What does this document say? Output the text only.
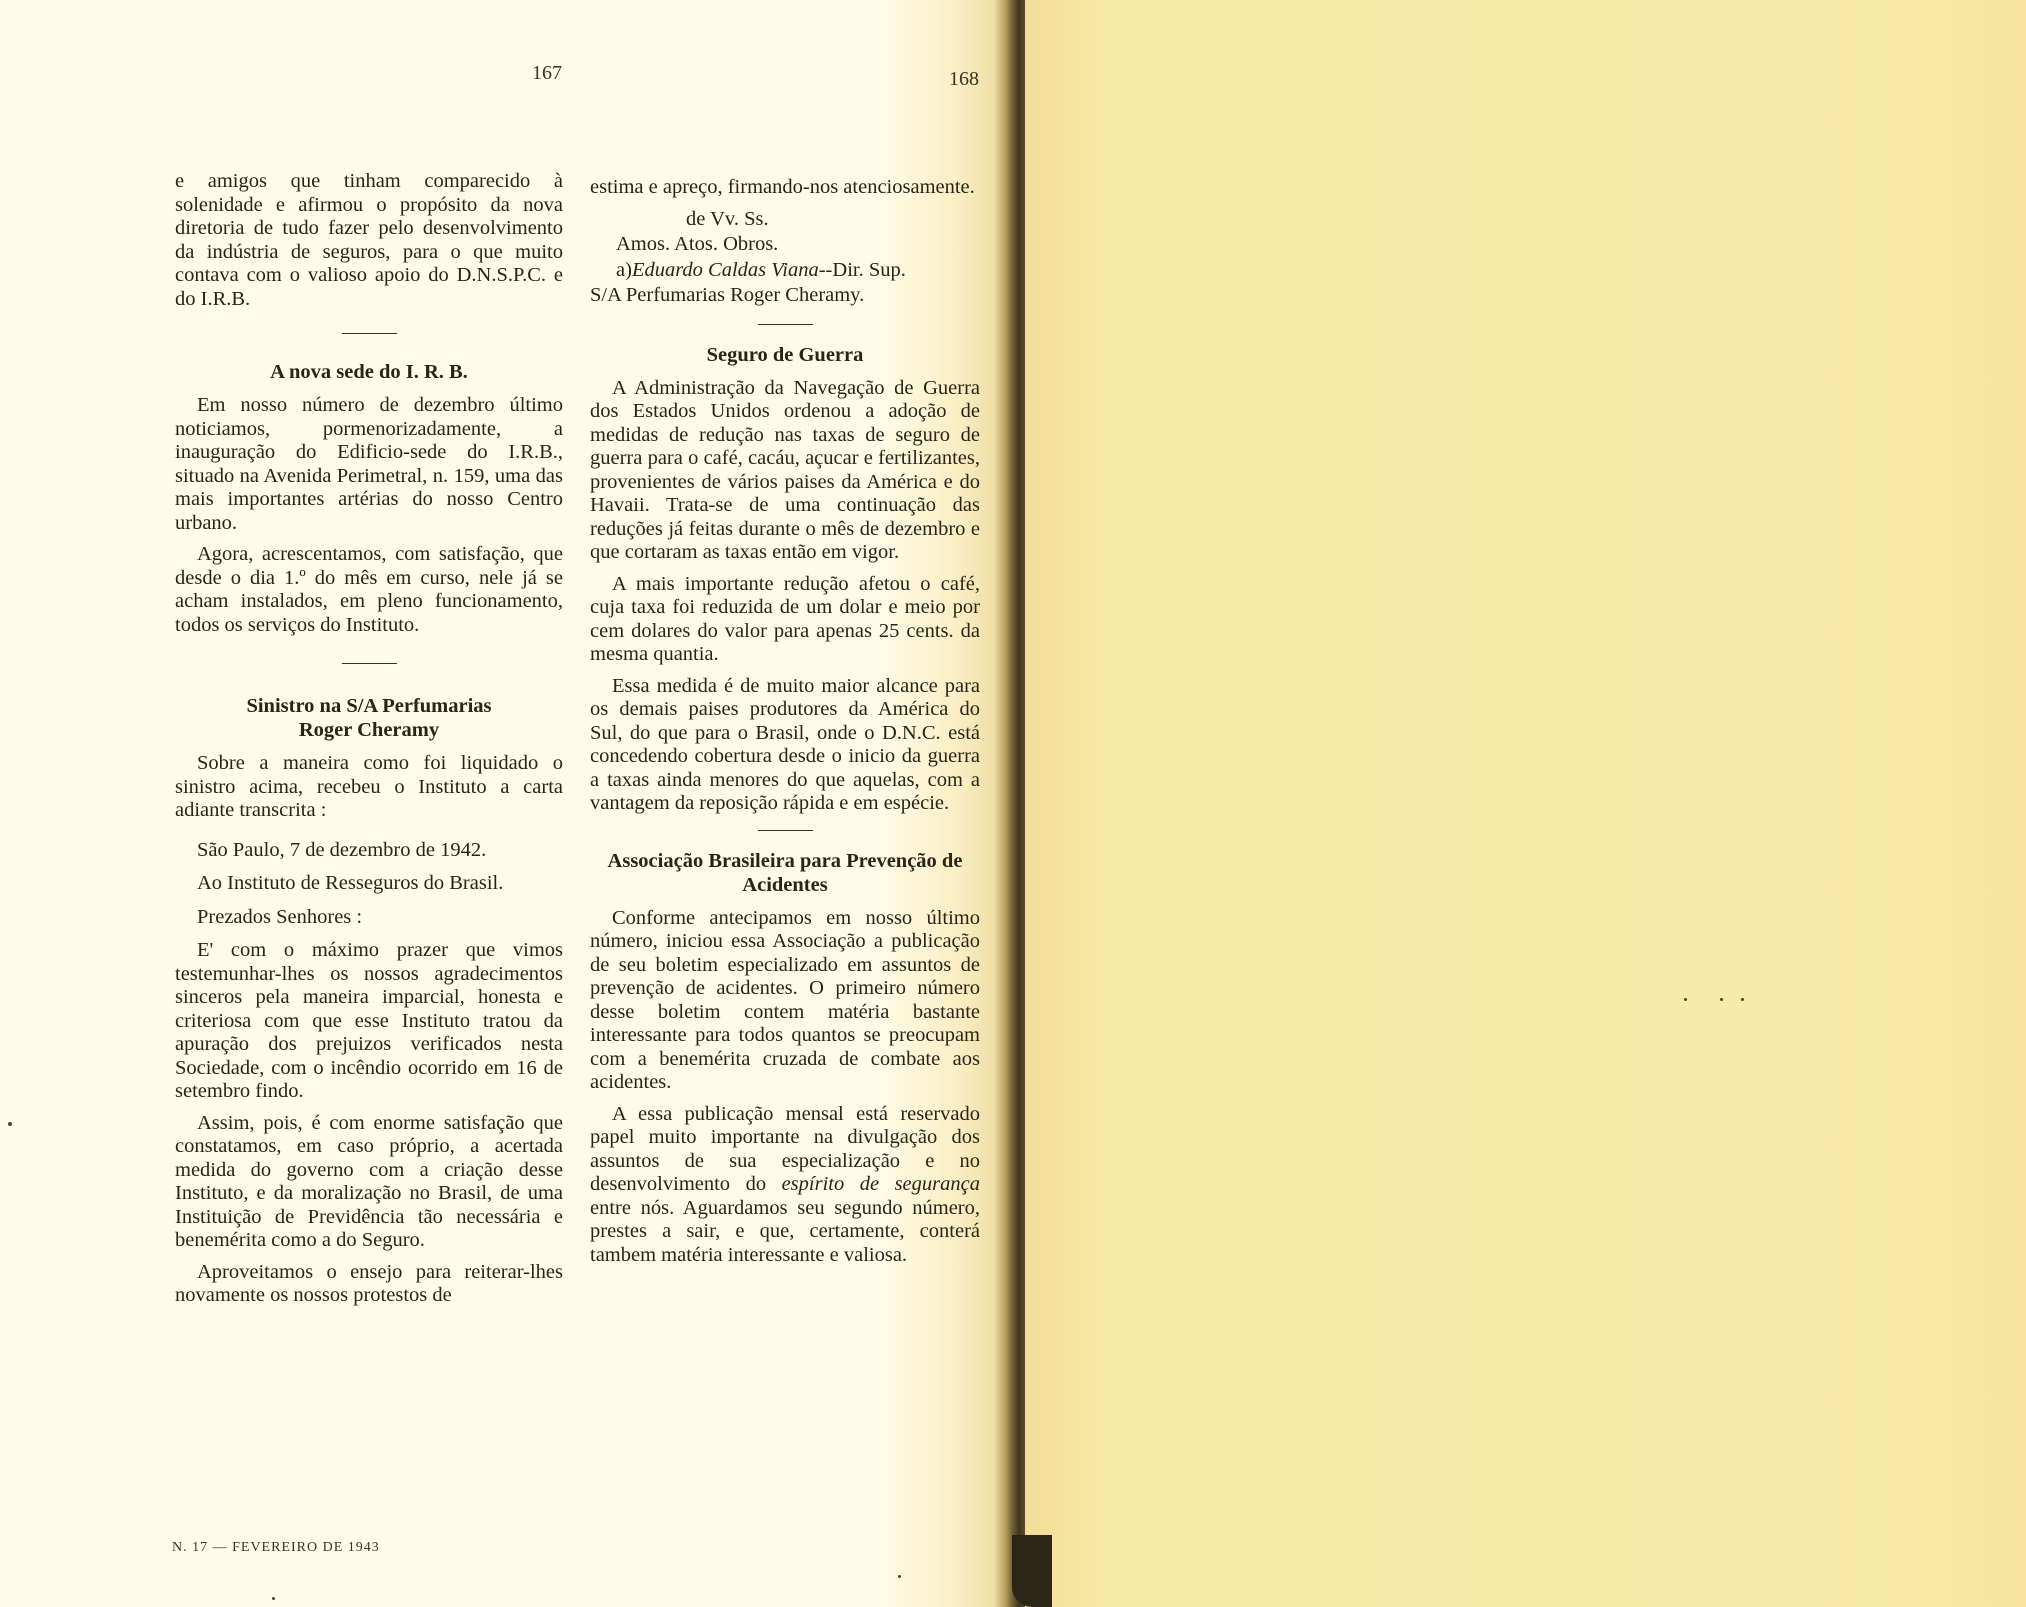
167	168

e amigos que tinham comparecido à solenidade e afirmou o propósito da nova diretoria de tudo fazer pelo desenvolvimento da indústria de seguros, para o que muito contava com o valioso apoio do D.N.S.P.C. e do I.R.B.

A nova sede do I. R. B.

Em nosso número de dezembro último noticiamos, pormenorizadamente, a inauguração do Edificio-sede do I.R.B., situado na Avenida Perimetral, n. 159, uma das mais importantes artérias do nosso Centro urbano.

Agora, acrescentamos, com satisfação, que desde o dia 1.º do mês em curso, nele já se acham instalados, em pleno funcionamento, todos os serviços do Instituto.

Sinistro na S/A Perfumarias Roger Cheramy

Sobre a maneira como foi liquidado o sinistro acima, recebeu o Instituto a carta adiante transcrita :

São Paulo, 7 de dezembro de 1942.

Ao Instituto de Resseguros do Brasil.

Prezados Senhores :

E' com o máximo prazer que vimos testemunhar-lhes os nossos agradecimentos sinceros pela maneira imparcial, honesta e criteriosa com que esse Instituto tratou da apuração dos prejuizos verificados nesta Sociedade, com o incêndio ocorrido em 16 de setembro findo.

Assim, pois, é com enorme satisfação que constatamos, em caso próprio, a acertada medida do governo com a criação desse Instituto, e da moralização no Brasil, de uma Instituição de Previdência tão necessária e benemérita como a do Seguro.

Aproveitamos o ensejo para reiterar-lhes novamente os nossos protestos de

estima e apreço, firmando-nos atenciosamente.

de Vv. Ss.

Amos. Atos. Obros.

a)Eduardo Caldas Viana--Dir. Sup.

S/A Perfumarias Roger Cheramy.

Seguro de Guerra

A Administração da Navegação de Guerra dos Estados Unidos ordenou a adoção de medidas de redução nas taxas de seguro de guerra para o café, cacáu, açucar e fertilizantes, provenientes de vários paises da América e do Havaii. Trata-se de uma continuação das reduções já feitas durante o mês de dezembro e que cortaram as taxas então em vigor.

A mais importante redução afetou o café, cuja taxa foi reduzida de um dolar e meio por cem dolares do valor para apenas 25 cents. da mesma quantia.

Essa medida é de muito maior alcance para os demais paises produtores da América do Sul, do que para o Brasil, onde o D.N.C. está concedendo cobertura desde o inicio da guerra a taxas ainda menores do que aquelas, com a vantagem da reposição rápida e em espécie.

Associação Brasileira para Prevenção de Acidentes

Conforme antecipamos em nosso último número, iniciou essa Associação a publicação de seu boletim especializado em assuntos de prevenção de acidentes. O primeiro número desse boletim contem matéria bastante interessante para todos quantos se preocupam com a benemérita cruzada de combate aos acidentes.

A essa publicação mensal está reservado papel muito importante na divulgação dos assuntos de sua especialização e no desenvolvimento do espírito de segurança entre nós. Aguardamos seu segundo número, prestes a sair, e que, certamente, conterá tambem matéria interessante e valiosa.

N. 17 — FEVEREIRO DE 1943
